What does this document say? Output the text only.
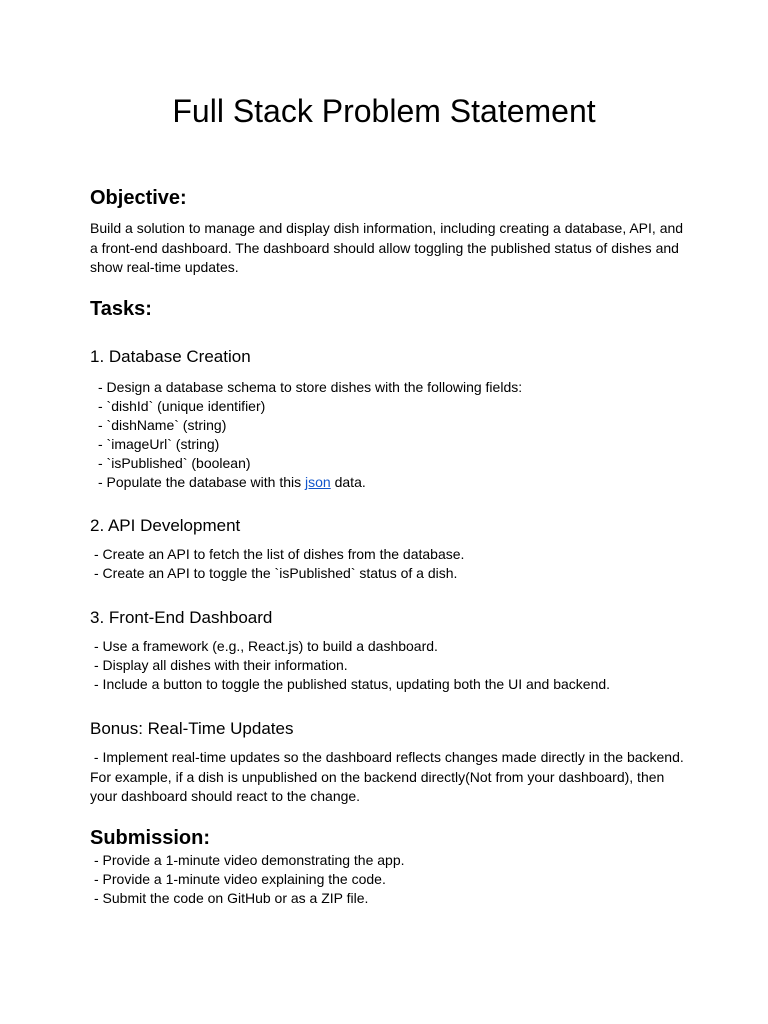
Full Stack Problem Statement
Objective:

Build a solution to manage and display dish information, including creating a database, API, and a front-end dashboard. The dashboard should allow toggling the published status of dishes and show real-time updates.

Tasks:
1. Database Creation
- Design a database schema to store dishes with the following fields:
- `dishId` (unique identifier)
- `dishName` (string)
- `imageUrl` (string)
- `isPublished` (boolean)
- Populate the database with this json data.
2. API Development
- Create an API to fetch the list of dishes from the database.
- Create an API to toggle the `isPublished` status of a dish.
3. Front-End Dashboard
- Use a framework (e.g., React.js) to build a dashboard.
- Display all dishes with their information.
- Include a button to toggle the published status, updating both the UI and backend.
Bonus: Real-Time Updates

- Implement real-time updates so the dashboard reflects changes made directly in the backend. For example, if a dish is unpublished on the backend directly(Not from your dashboard), then your dashboard should react to the change.

Submission:
- Provide a 1-minute video demonstrating the app.
- Provide a 1-minute video explaining the code.
- Submit the code on GitHub or as a ZIP file.
